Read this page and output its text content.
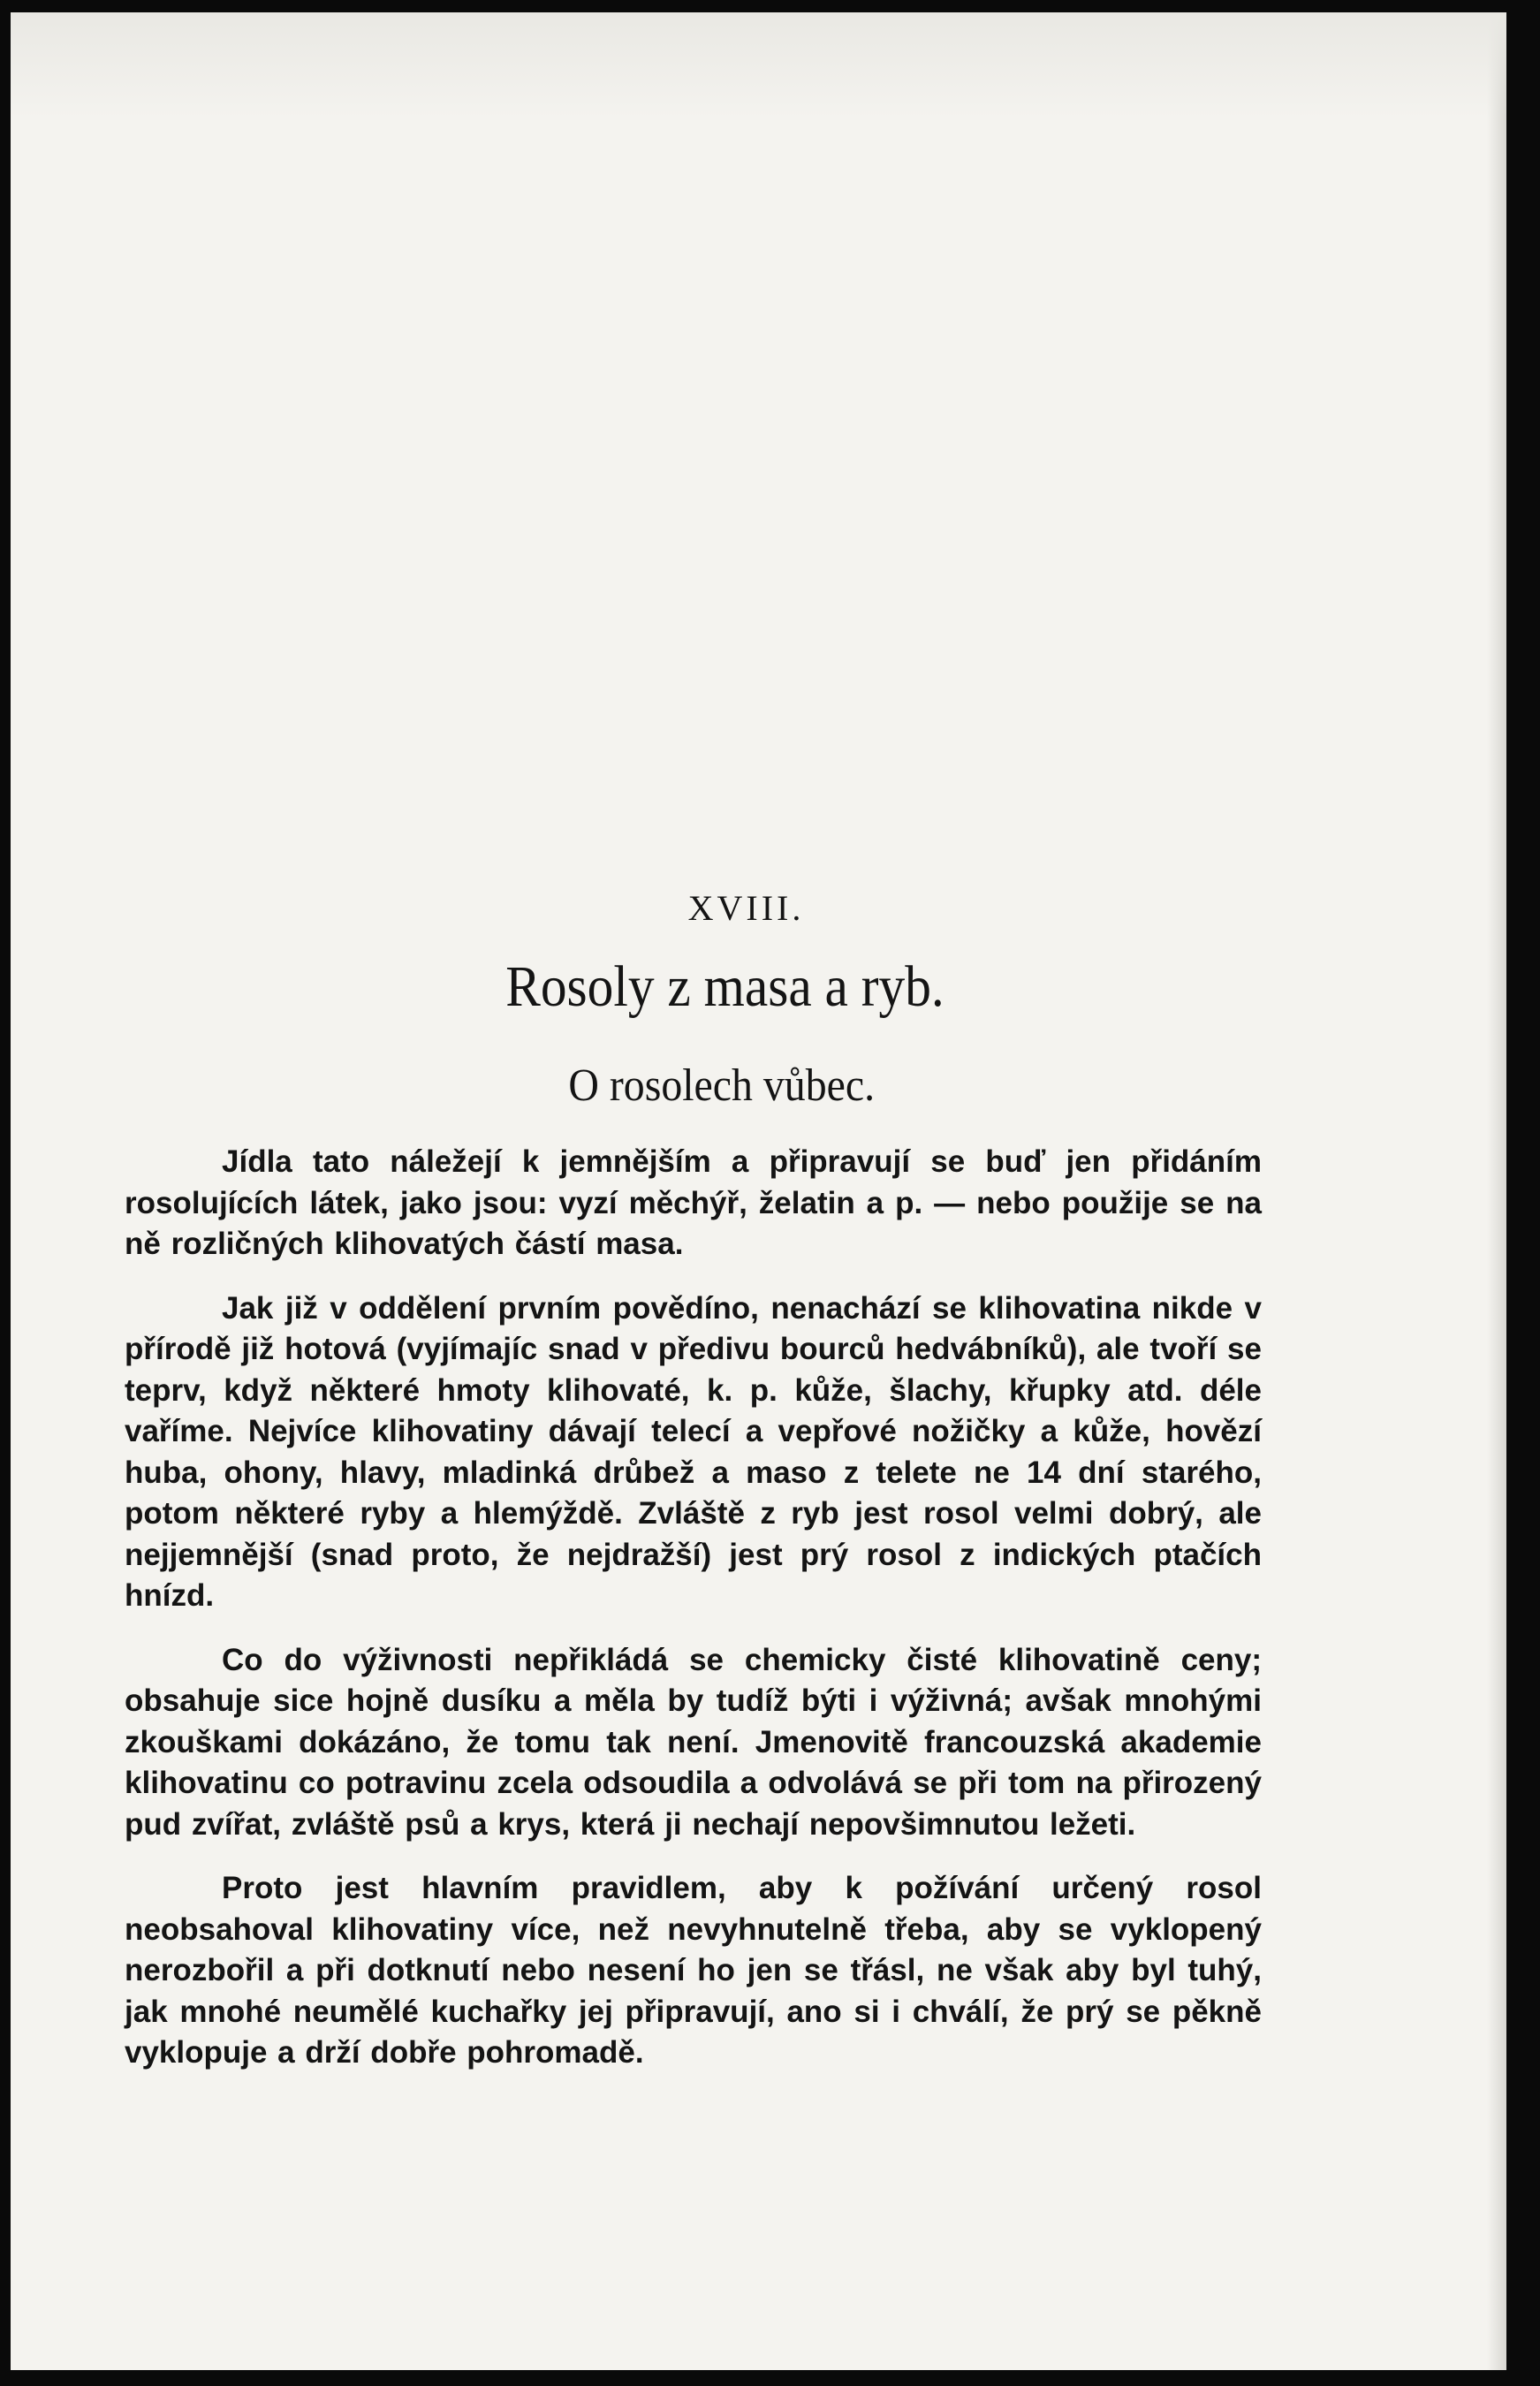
XVIII.
Rosoly z masa a ryb.
O rosolech vůbec.

Jídla tato náležejí k jemnějším a připravují se buď jen přidáním rosolujících látek, jako jsou: vyzí měchýř, želatin a p. — nebo použije se na ně rozličných klihovatých částí masa.

Jak již v oddělení prvním povědíno, nenachází se klihovatina nikde v přírodě již hotová (vyjímajíc snad v předivu bourců hedvábníků), ale tvoří se teprv, když některé hmoty klihovaté, k. p. kůže, šlachy, křupky atd. déle vaříme. Nejvíce klihovatiny dávají telecí a vepřové nožičky a kůže, hovězí huba, ohony, hlavy, mladinká drůbež a maso z telete ne 14 dní starého, potom některé ryby a hlemýždě. Zvláště z ryb jest rosol velmi dobrý, ale nejjemnější (snad proto, že nejdražší) jest prý rosol z indických ptačích hnízd.

Co do výživnosti nepřikládá se chemicky čisté klihovatině ceny; obsahuje sice hojně dusíku a měla by tudíž býti i výživná; avšak mnohými zkouškami dokázáno, že tomu tak není. Jmenovitě francouzská akademie klihovatinu co potravinu zcela odsoudila a odvolává se při tom na přirozený pud zvířat, zvláště psů a krys, která ji nechají nepovšimnutou ležeti.

Proto jest hlavním pravidlem, aby k požívání určený rosol neobsahoval klihovatiny více, než nevyhnutelně třeba, aby se vyklopený nerozbořil a při dotknutí nebo nesení ho jen se třásl, ne však aby byl tuhý, jak mnohé neumělé kuchařky jej připravují, ano si i chválí, že prý se pěkně vyklopuje a drží dobře pohromadě.
